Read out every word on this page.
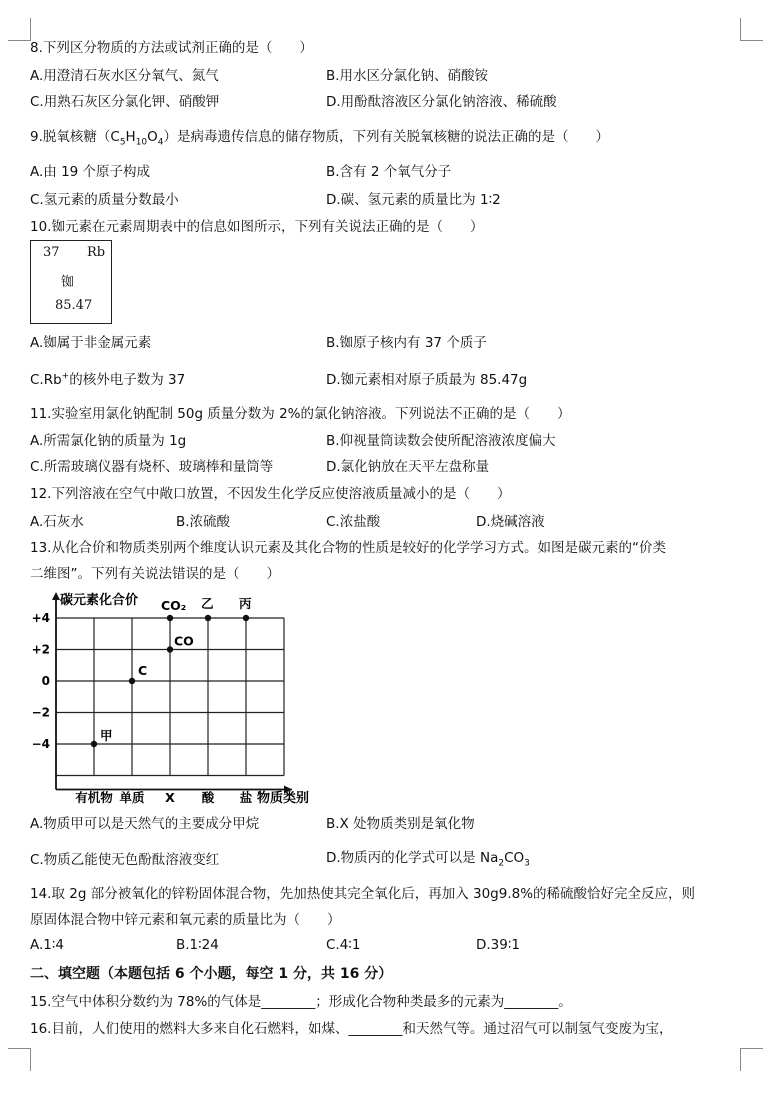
8.下列区分物质的方法或试剂正确的是（　　）
A.用澄清石灰水区分氧气、氮气	B.用水区分氯化钠、硝酸铵
C.用熟石灰区分氯化钾、硝酸钾	D.用酚酞溶液区分氯化钠溶液、稀硫酸
9.脱氧核糖$(C_5H_{10}O_4)$是病毒遗传信息的储存物质，下列有关脱氧核糖的说法正确的是（　　）
A.由 19 个原子构成	B.含有 2 个氧气分子
C.氢元素的质量分数最小	D.碳、氢元素的质量比为 1∶2
10.铷元素在元素周期表中的信息如图所示，下列有关说法正确的是（　　）
37 Rb
铷
85.47
A.铷属于非金属元素	B.铷原子核内有 37 个质子
C.Rb+的核外电子数为 37	D.铷元素相对原子质最为 85.47g
11.实验室用氯化钠配制 50g 质量分数为 2%的氯化钠溶液。下列说法不正确的是（　　）
A.所需氯化钠的质量为 1g	B.仰视量筒读数会使所配溶液浓度偏大
C.所需玻璃仪器有烧杯、玻璃棒和量筒等	D.氯化钠放在天平左盘称量
12.下列溶液在空气中敞口放置，不因发生化学反应使溶液质量减小的是（　　）
A.石灰水	B.浓硫酸	C.浓盐酸	D.烧碱溶液
13.从化合价和物质类别两个维度认识元素及其化合物的性质是较好的化学学习方式。如图是碳元素的“价类
二维图”。下列有关说法错误的是（　　）
碳元素化合价
物质类别
+4
+2
0
−2
−4
有机物 单质 X 酸 盐
甲
C
CO
CO₂ 乙 丙
A.物质甲可以是天然气的主要成分甲烷	B.X 处物质类别是氧化物
C.物质乙能使无色酚酞溶液变红	D.物质丙的化学式可以是 $Na_2CO_3$
14.取 2g 部分被氧化的锌粉固体混合物，先加热使其完全氧化后，再加入 30g9.8%的稀硫酸恰好完全反应，则
原固体混合物中锌元素和氧元素的质量比为（　　）
A.1∶4	B.1∶24	C.4∶1	D.39∶1
二、填空题（本题包括 6 个小题，每空 1 分，共 16 分）
15.空气中体积分数约为 78%的气体是________；形成化合物种类最多的元素为________。
16.目前，人们使用的燃料大多来自化石燃料，如煤、________和天然气等。通过沼气可以制氢气变废为宝，
